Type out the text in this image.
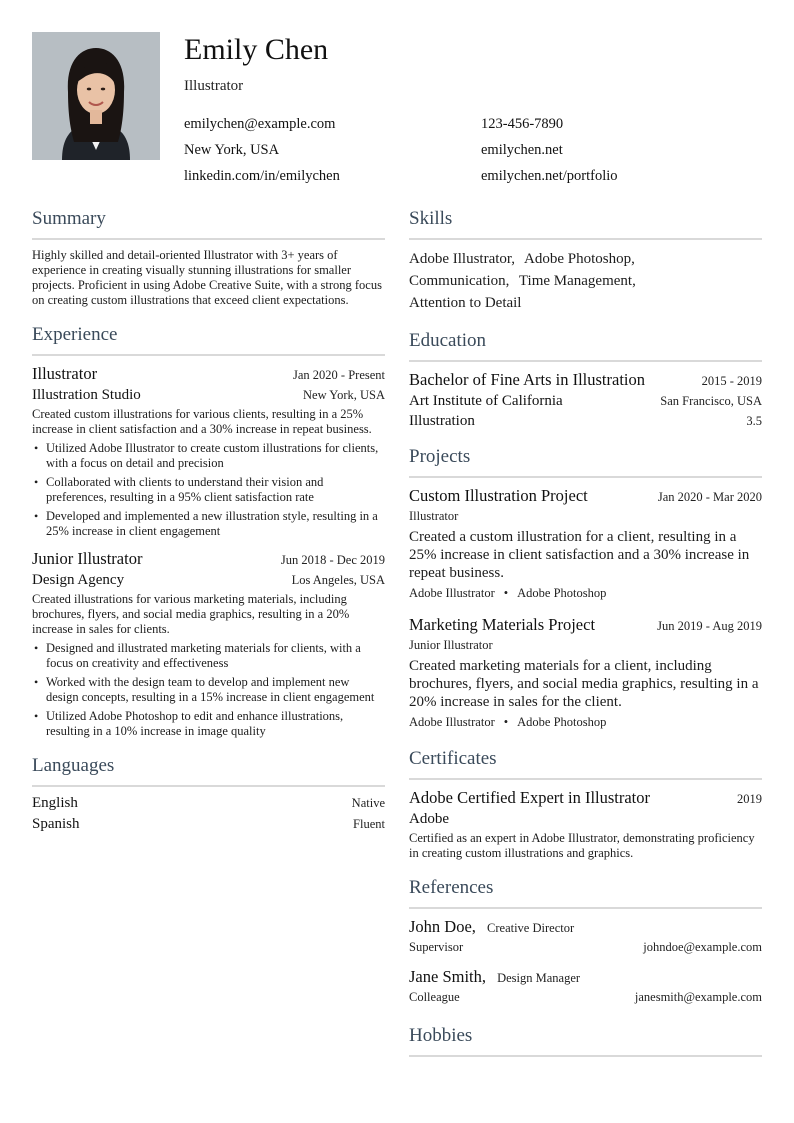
Emily Chen
Illustrator
emilychen@example.com	123-456-7890
New York, USA	emilychen.net
linkedin.com/in/emilychen	emilychen.net/portfolio
Summary
Highly skilled and detail-oriented Illustrator with 3+ years of experience in creating visually stunning illustrations for smaller projects. Proficient in using Adobe Creative Suite, with a strong focus on creating custom illustrations that exceed client expectations.
Experience
Illustrator	Jan 2020 - Present
Illustration Studio	New York, USA
Created custom illustrations for various clients, resulting in a 25% increase in client satisfaction and a 30% increase in repeat business.
• Utilized Adobe Illustrator to create custom illustrations for clients, with a focus on detail and precision
• Collaborated with clients to understand their vision and preferences, resulting in a 95% client satisfaction rate
• Developed and implemented a new illustration style, resulting in a 25% increase in client engagement
Junior Illustrator	Jun 2018 - Dec 2019
Design Agency	Los Angeles, USA
Created illustrations for various marketing materials, including brochures, flyers, and social media graphics, resulting in a 20% increase in sales for clients.
• Designed and illustrated marketing materials for clients, with a focus on creativity and effectiveness
• Worked with the design team to develop and implement new design concepts, resulting in a 15% increase in client engagement
• Utilized Adobe Photoshop to edit and enhance illustrations, resulting in a 10% increase in image quality
Languages
English	Native
Spanish	Fluent
Skills
Adobe Illustrator, Adobe Photoshop,
Communication, Time Management,
Attention to Detail
Education
Bachelor of Fine Arts in Illustration	2015 - 2019
Art Institute of California	San Francisco, USA
Illustration	3.5
Projects
Custom Illustration Project	Jan 2020 - Mar 2020
Illustrator
Created a custom illustration for a client, resulting in a 25% increase in client satisfaction and a 30% increase in repeat business.
Adobe Illustrator • Adobe Photoshop
Marketing Materials Project	Jun 2019 - Aug 2019
Junior Illustrator
Created marketing materials for a client, including brochures, flyers, and social media graphics, resulting in a 20% increase in sales for the client.
Adobe Illustrator • Adobe Photoshop
Certificates
Adobe Certified Expert in Illustrator	2019
Adobe
Certified as an expert in Adobe Illustrator, demonstrating proficiency in creating custom illustrations and graphics.
References
John Doe, Creative Director
Supervisor	johndoe@example.com
Jane Smith, Design Manager
Colleague	janesmith@example.com
Hobbies
